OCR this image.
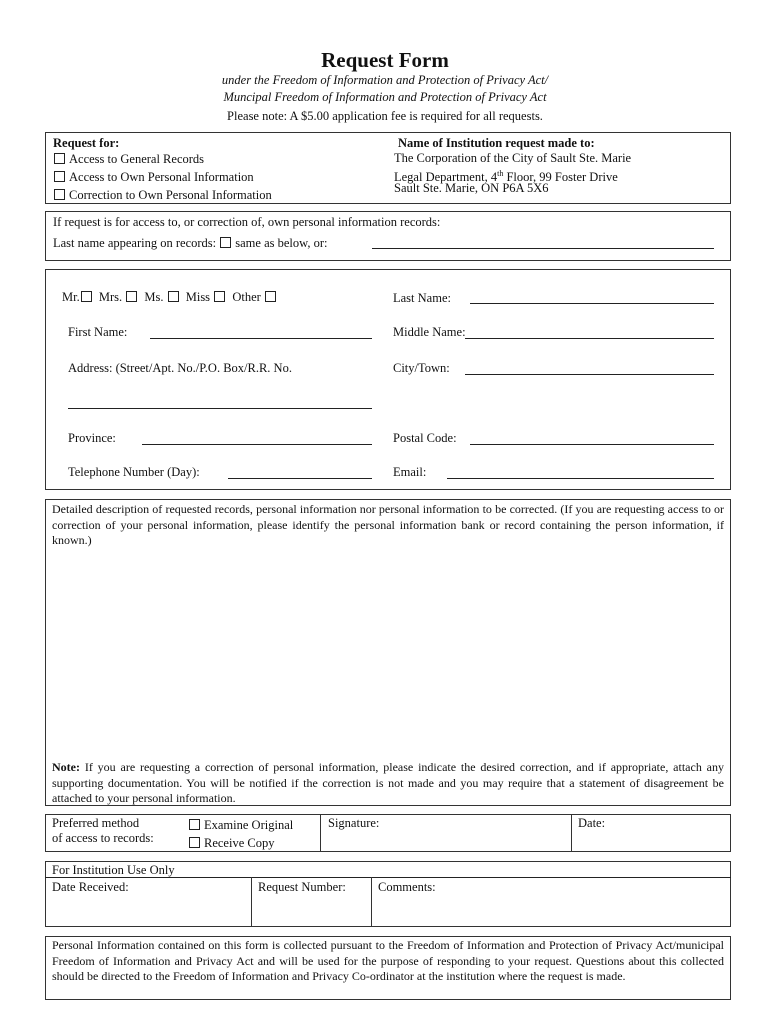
Request Form
under the Freedom of Information and Protection of Privacy Act/
Muncipal Freedom of Information and Protection of Privacy Act
Please note: A $5.00 application fee is required for all requests.
Request for:
Access to General Records
Access to Own Personal Information
Correction to Own Personal Information
Name of Institution request made to:
The Corporation of the City of Sault Ste. Marie
Legal Department, 4th Floor, 99 Foster Drive
Sault Ste. Marie, ON P6A 5X6
If request is for access to, or correction of, own personal information records:
Last name appearing on records: same as below, or:
Mr. Mrs. Ms. Miss Other	Last Name:
First Name:	Middle Name:
Address: (Street/Apt. No./P.O. Box/R.R. No.	City/Town:
Province:	Postal Code:
Telephone Number (Day):	Email:
Detailed description of requested records, personal information nor personal information to be corrected. (If you are requesting access to or correction of your personal information, please identify the personal information bank or record containing the person information, if known.)
Note: If you are requesting a correction of personal information, please indicate the desired correction, and if appropriate, attach any supporting documentation. You will be notified if the correction is not made and you may require that a statement of disagreement be attached to your personal information.
Preferred method
of access to records:
Examine Original
Receive Copy
Signature:	Date:
For Institution Use Only
Date Received:	Request Number:	Comments:
Personal Information contained on this form is collected pursuant to the Freedom of Information and Protection of Privacy Act/municipal Freedom of Information and Privacy Act and will be used for the purpose of responding to your request. Questions about this collected should be directed to the Freedom of Information and Privacy Co-ordinator at the institution where the request is made.
